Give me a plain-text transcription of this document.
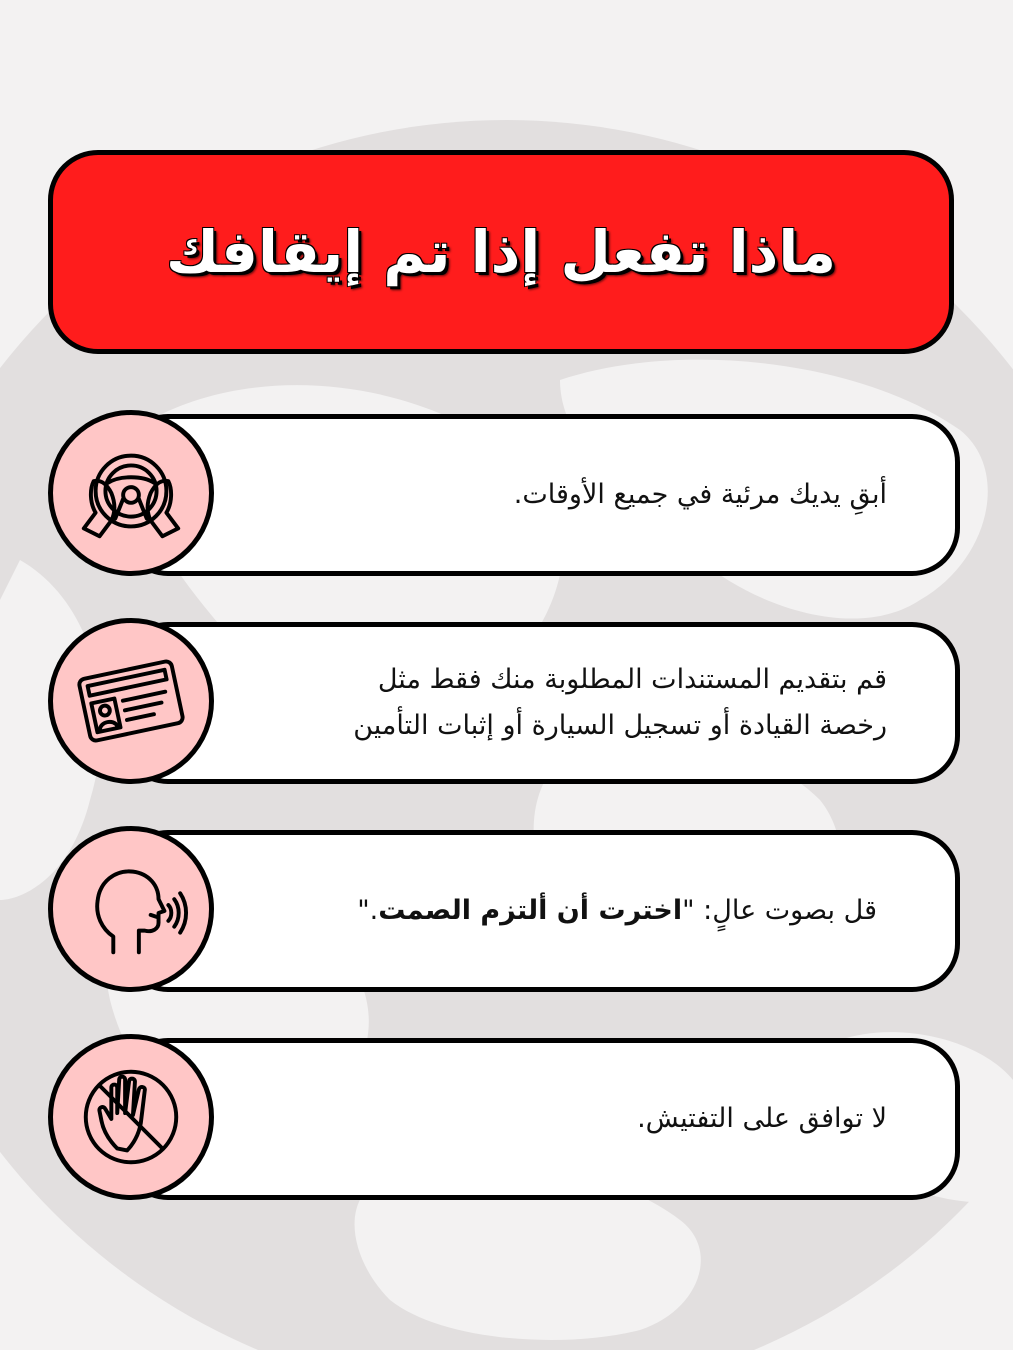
ماذا تفعل إذا تم إيقافك
أبقِ يديك مرئية في جميع الأوقات.
قم بتقديم المستندات المطلوبة منك فقط مثل
رخصة القيادة أو تسجيل السيارة أو إثبات التأمين
قل بصوت عالٍ: "اخترت أن ألتزم الصمت."
لا توافق على التفتيش.
